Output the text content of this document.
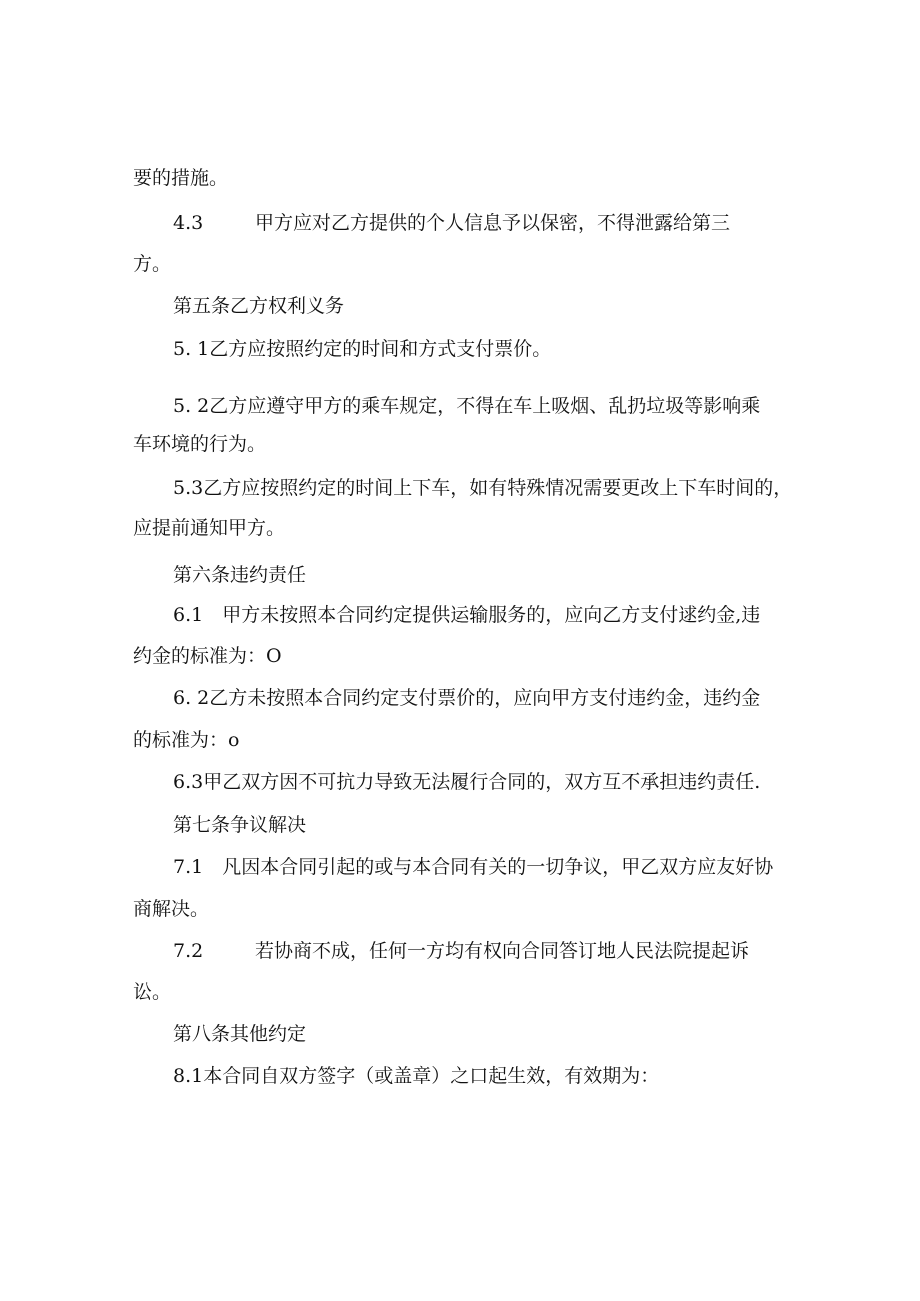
要的措施。

4.3	甲方应对乙方提供的个人信息予以保密，不得泄露给第三

方。

第五条乙方权利义务

5. 1乙方应按照约定的时间和方式支付票价。

5. 2乙方应遵守甲方的乘车规定，不得在车上吸烟、乱扔垃圾等影响乘

车环境的行为。

5.3乙方应按照约定的时间上下车，如有特殊情况需要更改上下车时间的，

应提前通知甲方。

第六条违约责任

6.1　甲方未按照本合同约定提供运输服务的，应向乙方支付逑约金,违

约金的标准为：O

6. 2乙方未按照本合同约定支付票价的，应向甲方支付违约金，违约金

的标准为：o

6.3甲乙双方因不可抗力导致无法履行合同的，双方互不承担违约责任.

第七条争议解决

7.1　凡因本合同引起的或与本合同有关的一切争议，甲乙双方应友好协

商解决。

7.2	若协商不成，任何一方均有权向合同答订地人民法院提起诉

讼。

第八条其他约定

8.1本合同自双方签字（或盖章）之口起生效，有效期为：
